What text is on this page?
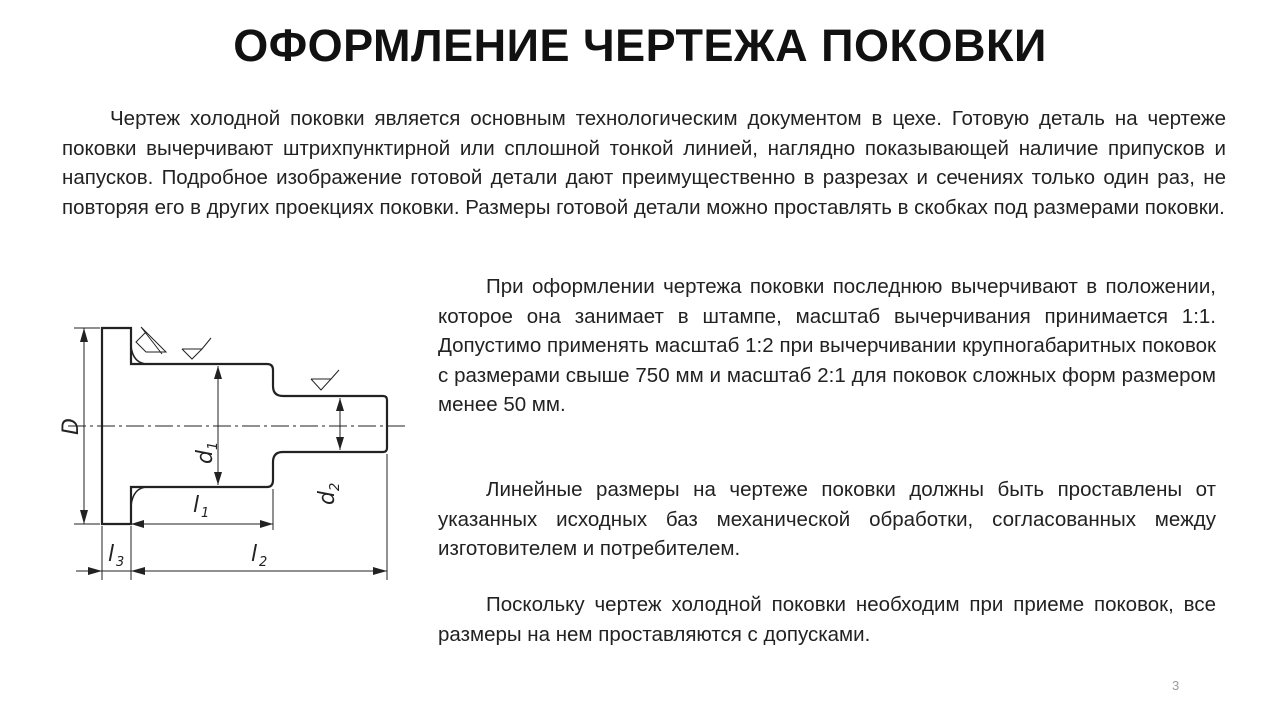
ОФОРМЛЕНИЕ ЧЕРТЕЖА ПОКОВКИ

Чертеж холодной поковки является основным технологическим документом в цехе. Готовую деталь на чертеже поковки вычерчивают штрихпунктирной или сплошной тонкой линией, наглядно показывающей наличие припусков и напусков. Подробное изображение готовой детали дают преимущественно в разрезах и сечениях только один раз, не повторяя его в других проекциях поковки. Размеры готовой детали можно проставлять в скобках под размерами поковки.

При оформлении чертежа поковки последнюю вычерчивают в положении, которое она занимает в штампе, масштаб вычерчивания принимается 1:1. Допустимо применять масштаб 1:2 при вычерчивании крупногабаритных поковок с размерами свыше 750 мм и масштаб 2:1 для поковок сложных форм размером менее 50 мм.

Линейные размеры на чертеже поковки должны быть проставлены от указанных исходных баз механической обработки, согласованных между изготовителем и потребителем.

Поскольку чертеж холодной поковки необходим при приеме поковок, все размеры на нем проставляются с допусками.

D
d
1
d
2
l 1
l 2
l 3
3
